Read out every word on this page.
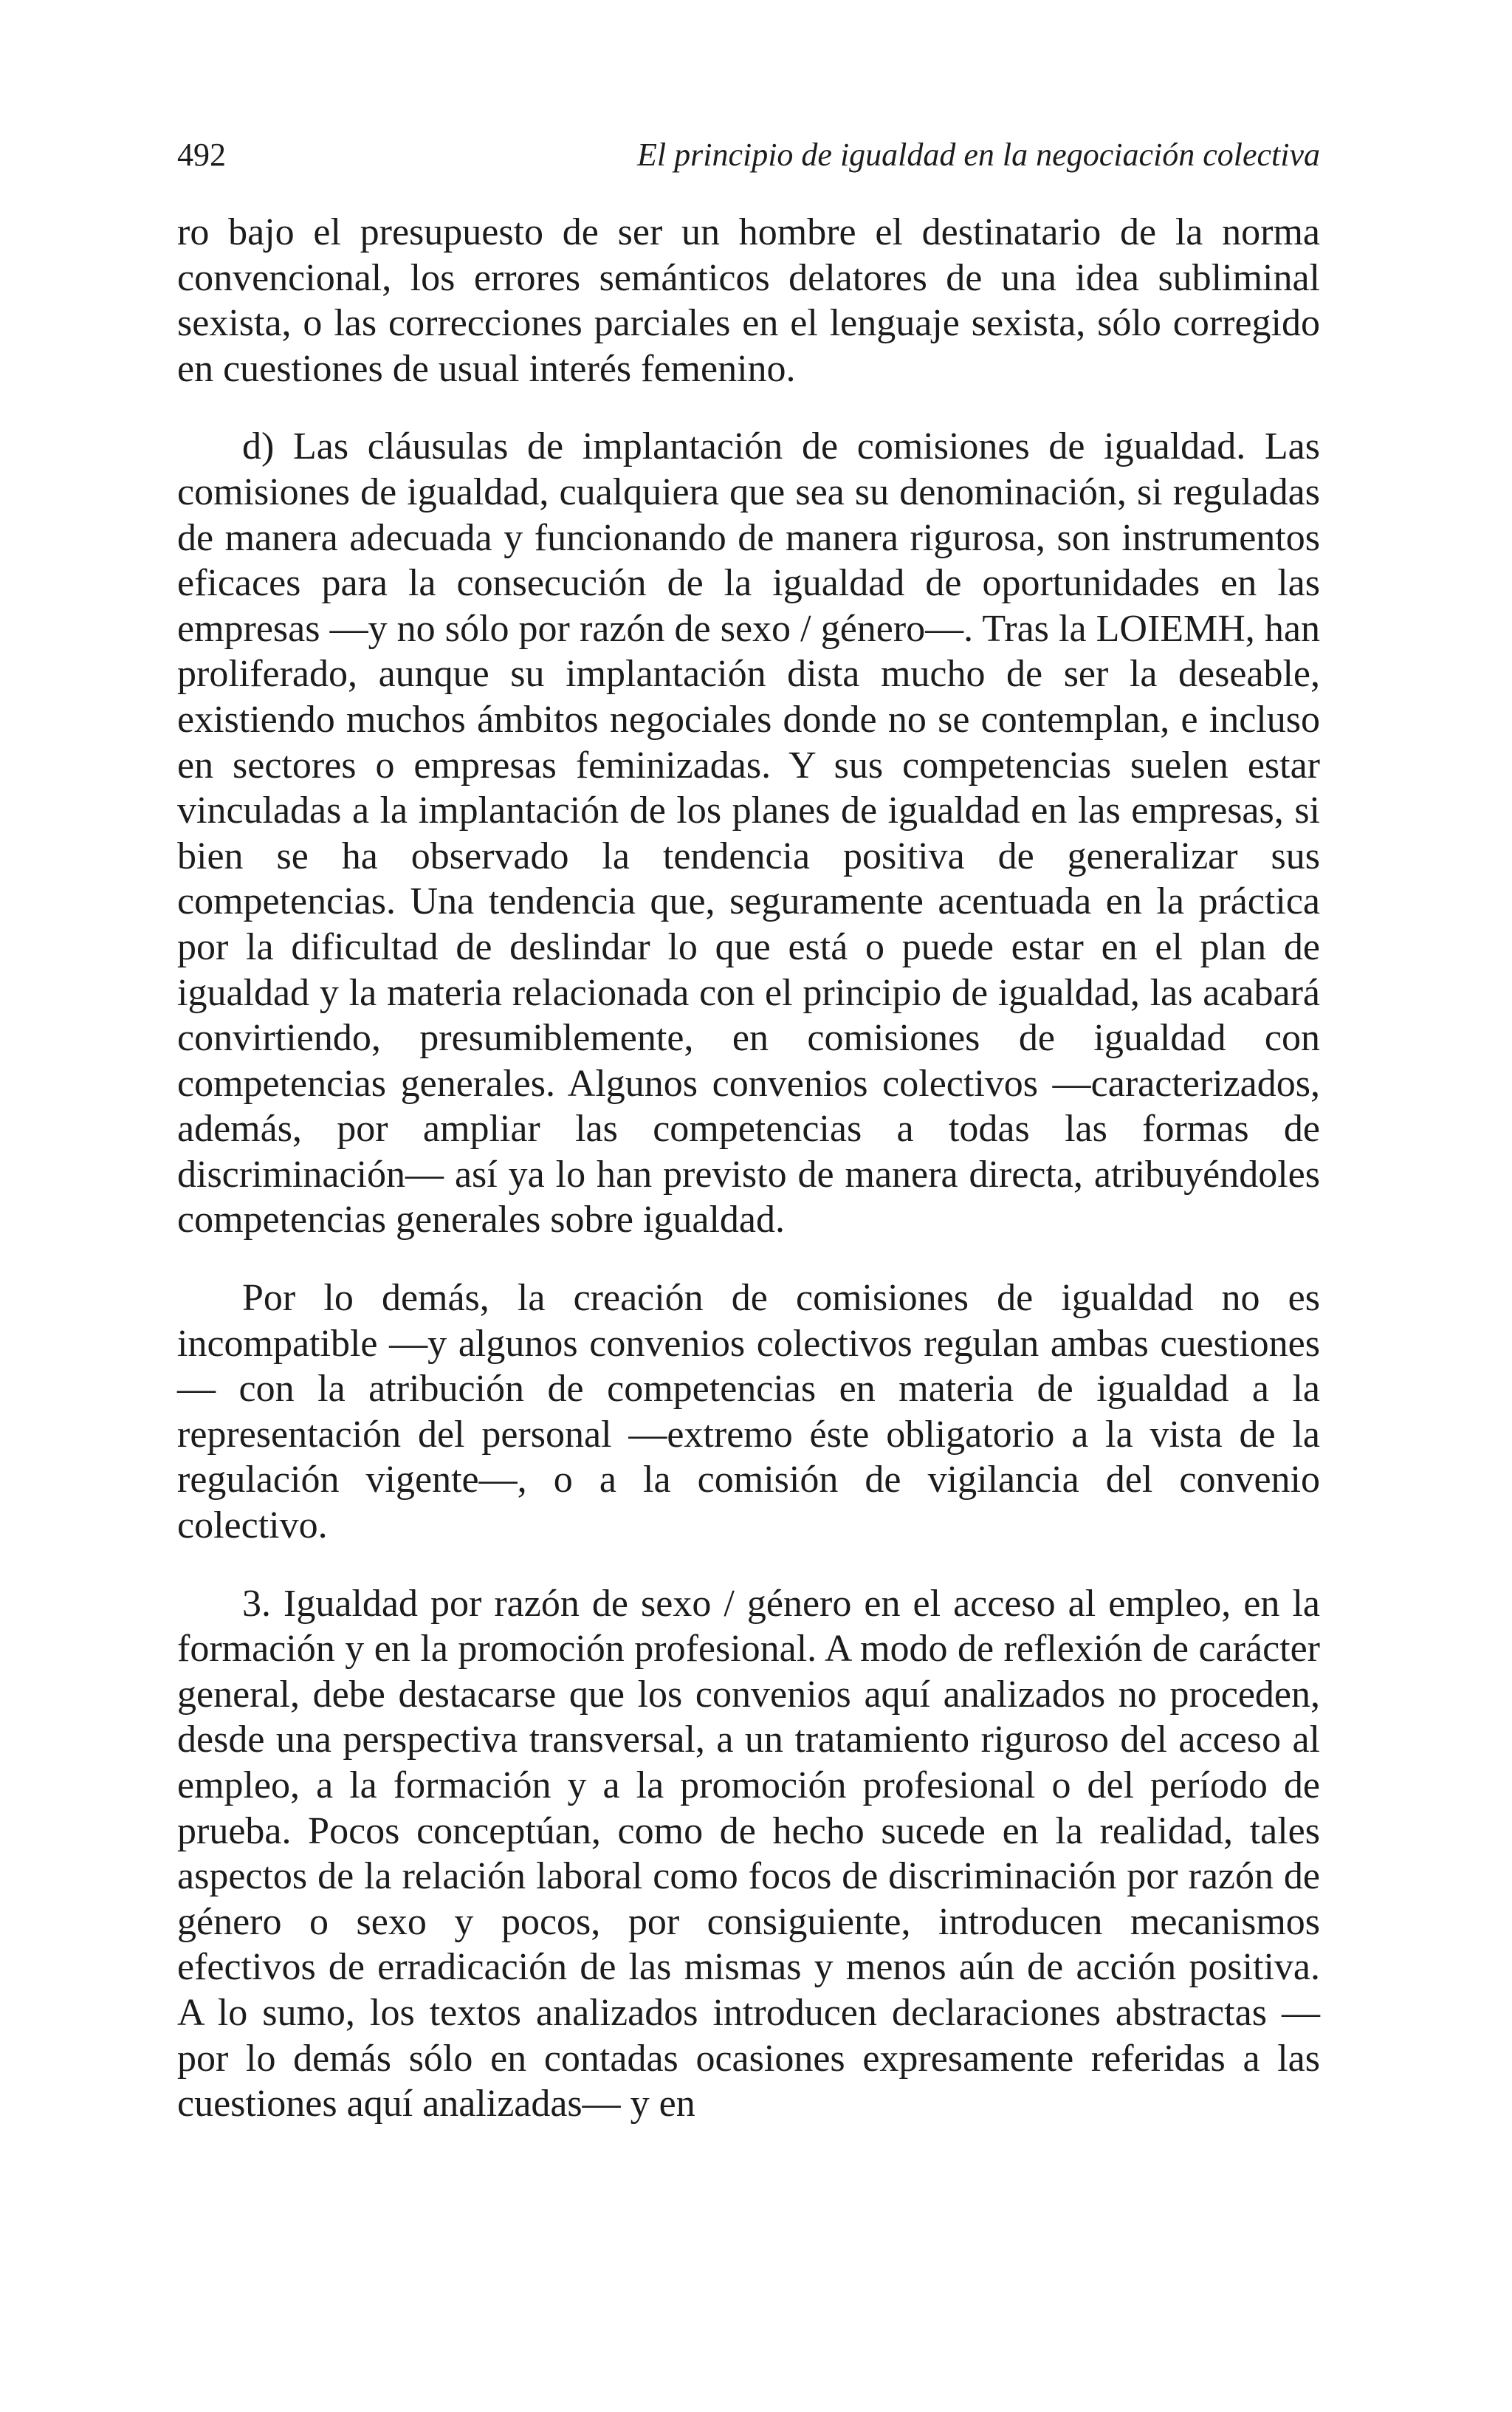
492	El principio de igualdad en la negociación colectiva

ro bajo el presupuesto de ser un hombre el destinatario de la norma convencional, los errores semánticos delatores de una idea subliminal sexista, o las correcciones parciales en el lenguaje sexista, sólo corregido en cuestiones de usual interés femenino.

d) Las cláusulas de implantación de comisiones de igualdad. Las comisiones de igualdad, cualquiera que sea su denominación, si reguladas de manera adecuada y funcionando de manera rigurosa, son instrumentos eficaces para la consecución de la igualdad de oportunidades en las empresas —y no sólo por razón de sexo / género—. Tras la LOIEMH, han proliferado, aunque su implantación dista mucho de ser la deseable, existiendo muchos ámbitos negociales donde no se contemplan, e incluso en sectores o empresas feminizadas. Y sus competencias suelen estar vinculadas a la implantación de los planes de igualdad en las empresas, si bien se ha observado la tendencia positiva de generalizar sus competencias. Una tendencia que, seguramente acentuada en la práctica por la dificultad de deslindar lo que está o puede estar en el plan de igualdad y la materia relacionada con el principio de igualdad, las acabará convirtiendo, presumiblemente, en comisiones de igualdad con competencias generales. Algunos convenios colectivos —caracterizados, además, por ampliar las competencias a todas las formas de discriminación— así ya lo han previsto de manera directa, atribuyéndoles competencias generales sobre igualdad.

Por lo demás, la creación de comisiones de igualdad no es incompatible —y algunos convenios colectivos regulan ambas cuestiones— con la atribución de competencias en materia de igualdad a la representación del personal —extremo éste obligatorio a la vista de la regulación vigente—, o a la comisión de vigilancia del convenio colectivo.

3. Igualdad por razón de sexo / género en el acceso al empleo, en la formación y en la promoción profesional. A modo de reflexión de carácter general, debe destacarse que los convenios aquí analizados no proceden, desde una perspectiva transversal, a un tratamiento riguroso del acceso al empleo, a la formación y a la promoción profesional o del período de prueba. Pocos conceptúan, como de hecho sucede en la realidad, tales aspectos de la relación laboral como focos de discriminación por razón de género o sexo y pocos, por consiguiente, introducen mecanismos efectivos de erradicación de las mismas y menos aún de acción positiva. A lo sumo, los textos analizados introducen declaraciones abstractas —por lo demás sólo en contadas ocasiones expresamente referidas a las cuestiones aquí analizadas— y en
